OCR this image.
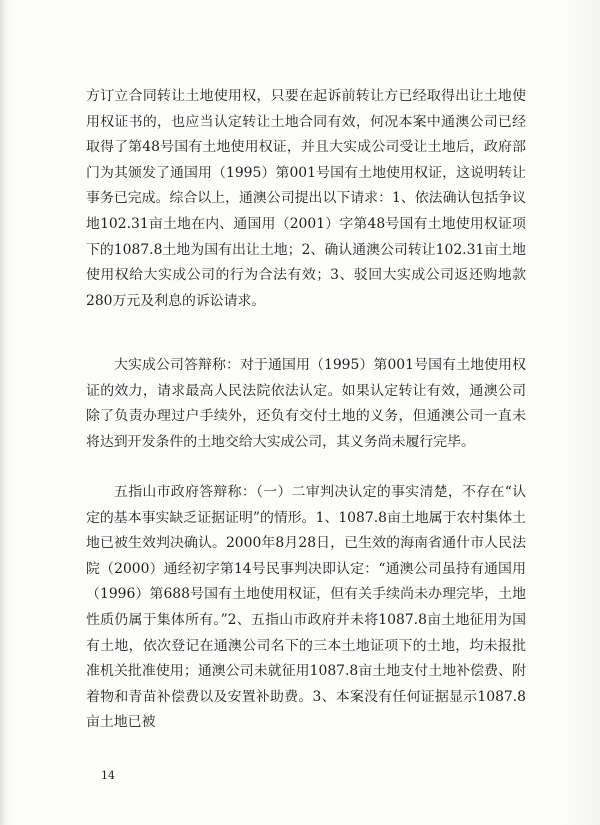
方订立合同转让土地使用权，只要在起诉前转让方已经取得出让土地使用权证书的，也应当认定转让土地合同有效，何况本案中通澳公司已经取得了第48号国有土地使用权证，并且大实成公司受让土地后，政府部门为其颁发了通国用（1995）第001号国有土地使用权证，这说明转让事务已完成。综合以上，通澳公司提出以下请求：1、依法确认包括争议地102.31亩土地在内、通国用（2001）字第48号国有土地使用权证项下的1087.8土地为国有出让土地；2、确认通澳公司转让102.31亩土地使用权给大实成公司的行为合法有效；3、驳回大实成公司返还购地款280万元及利息的诉讼请求。

大实成公司答辩称：对于通国用（1995）第001号国有土地使用权证的效力，请求最高人民法院依法认定。如果认定转让有效，通澳公司除了负责办理过户手续外，还负有交付土地的义务，但通澳公司一直未将达到开发条件的土地交给大实成公司，其义务尚未履行完毕。

五指山市政府答辩称：（一）二审判决认定的事实清楚，不存在“认定的基本事实缺乏证据证明”的情形。1、1087.8亩土地属于农村集体土地已被生效判决确认。2000年8月28日，已生效的海南省通什市人民法院（2000）通经初字第14号民事判决即认定：“通澳公司虽持有通国用（1996）第688号国有土地使用权证，但有关手续尚未办理完毕，土地性质仍属于集体所有。”2、五指山市政府并未将1087.8亩土地征用为国有土地，依次登记在通澳公司名下的三本土地证项下的土地，均未报批准机关批准使用；通澳公司未就征用1087.8亩土地支付土地补偿费、附着物和青苗补偿费以及安置补助费。3、本案没有任何证据显示1087.8亩土地已被

14
